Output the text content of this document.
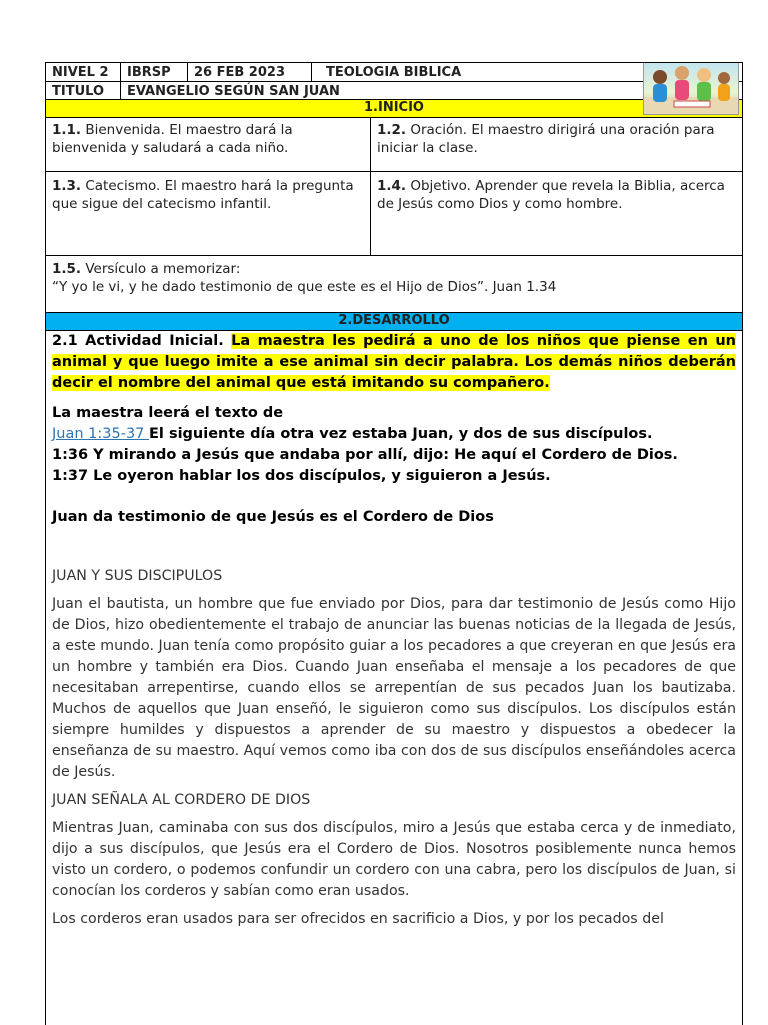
NIVEL 2	IBRSP	26 FEB 2023	TEOLOGIA BIBLICA
TITULO	EVANGELIO SEGÚN SAN JUAN
1.INICIO
1.1. Bienvenida. El maestro dará la bienvenida y saludará a cada niño.
1.2. Oración. El maestro dirigirá una oración para iniciar la clase.
1.3. Catecismo. El maestro hará la pregunta que sigue del catecismo infantil.
1.4. Objetivo. Aprender que revela la Biblia, acerca de Jesús como Dios y como hombre.
1.5. Versículo a memorizar:
“Y yo le vi, y he dado testimonio de que este es el Hijo de Dios”. Juan 1.34
2.DESARROLLO
2.1 Actividad Inicial. La maestra les pedirá a uno de los niños que piense en un animal y que luego imite a ese animal sin decir palabra. Los demás niños deberán decir el nombre del animal que está imitando su compañero.
La maestra leerá el texto de
Juan 1:35-37 El siguiente día otra vez estaba Juan, y dos de sus discípulos.
1:36 Y mirando a Jesús que andaba por allí, dijo: He aquí el Cordero de Dios.
1:37 Le oyeron hablar los dos discípulos, y siguieron a Jesús.
Juan da testimonio de que Jesús es el Cordero de Dios
JUAN Y SUS DISCIPULOS
Juan el bautista, un hombre que fue enviado por Dios, para dar testimonio de Jesús como Hijo de Dios, hizo obedientemente el trabajo de anunciar las buenas noticias de la llegada de Jesús, a este mundo. Juan tenía como propósito guiar a los pecadores a que creyeran en que Jesús era un hombre y también era Dios. Cuando Juan enseñaba el mensaje a los pecadores de que necesitaban arrepentirse, cuando ellos se arrepentían de sus pecados Juan los bautizaba. Muchos de aquellos que Juan enseñó, le siguieron como sus discípulos. Los discípulos están siempre humildes y dispuestos a aprender de su maestro y dispuestos a obedecer la enseñanza de su maestro. Aquí vemos como iba con dos de sus discípulos enseñándoles acerca de Jesús.
JUAN SEÑALA AL CORDERO DE DIOS
Mientras Juan, caminaba con sus dos discípulos, miro a Jesús que estaba cerca y de inmediato, dijo a sus discípulos, que Jesús era el Cordero de Dios. Nosotros posiblemente nunca hemos visto un cordero, o podemos confundir un cordero con una cabra, pero los discípulos de Juan, si conocían los corderos y sabían como eran usados.
Los corderos eran usados para ser ofrecidos en sacrificio a Dios, y por los pecados del
